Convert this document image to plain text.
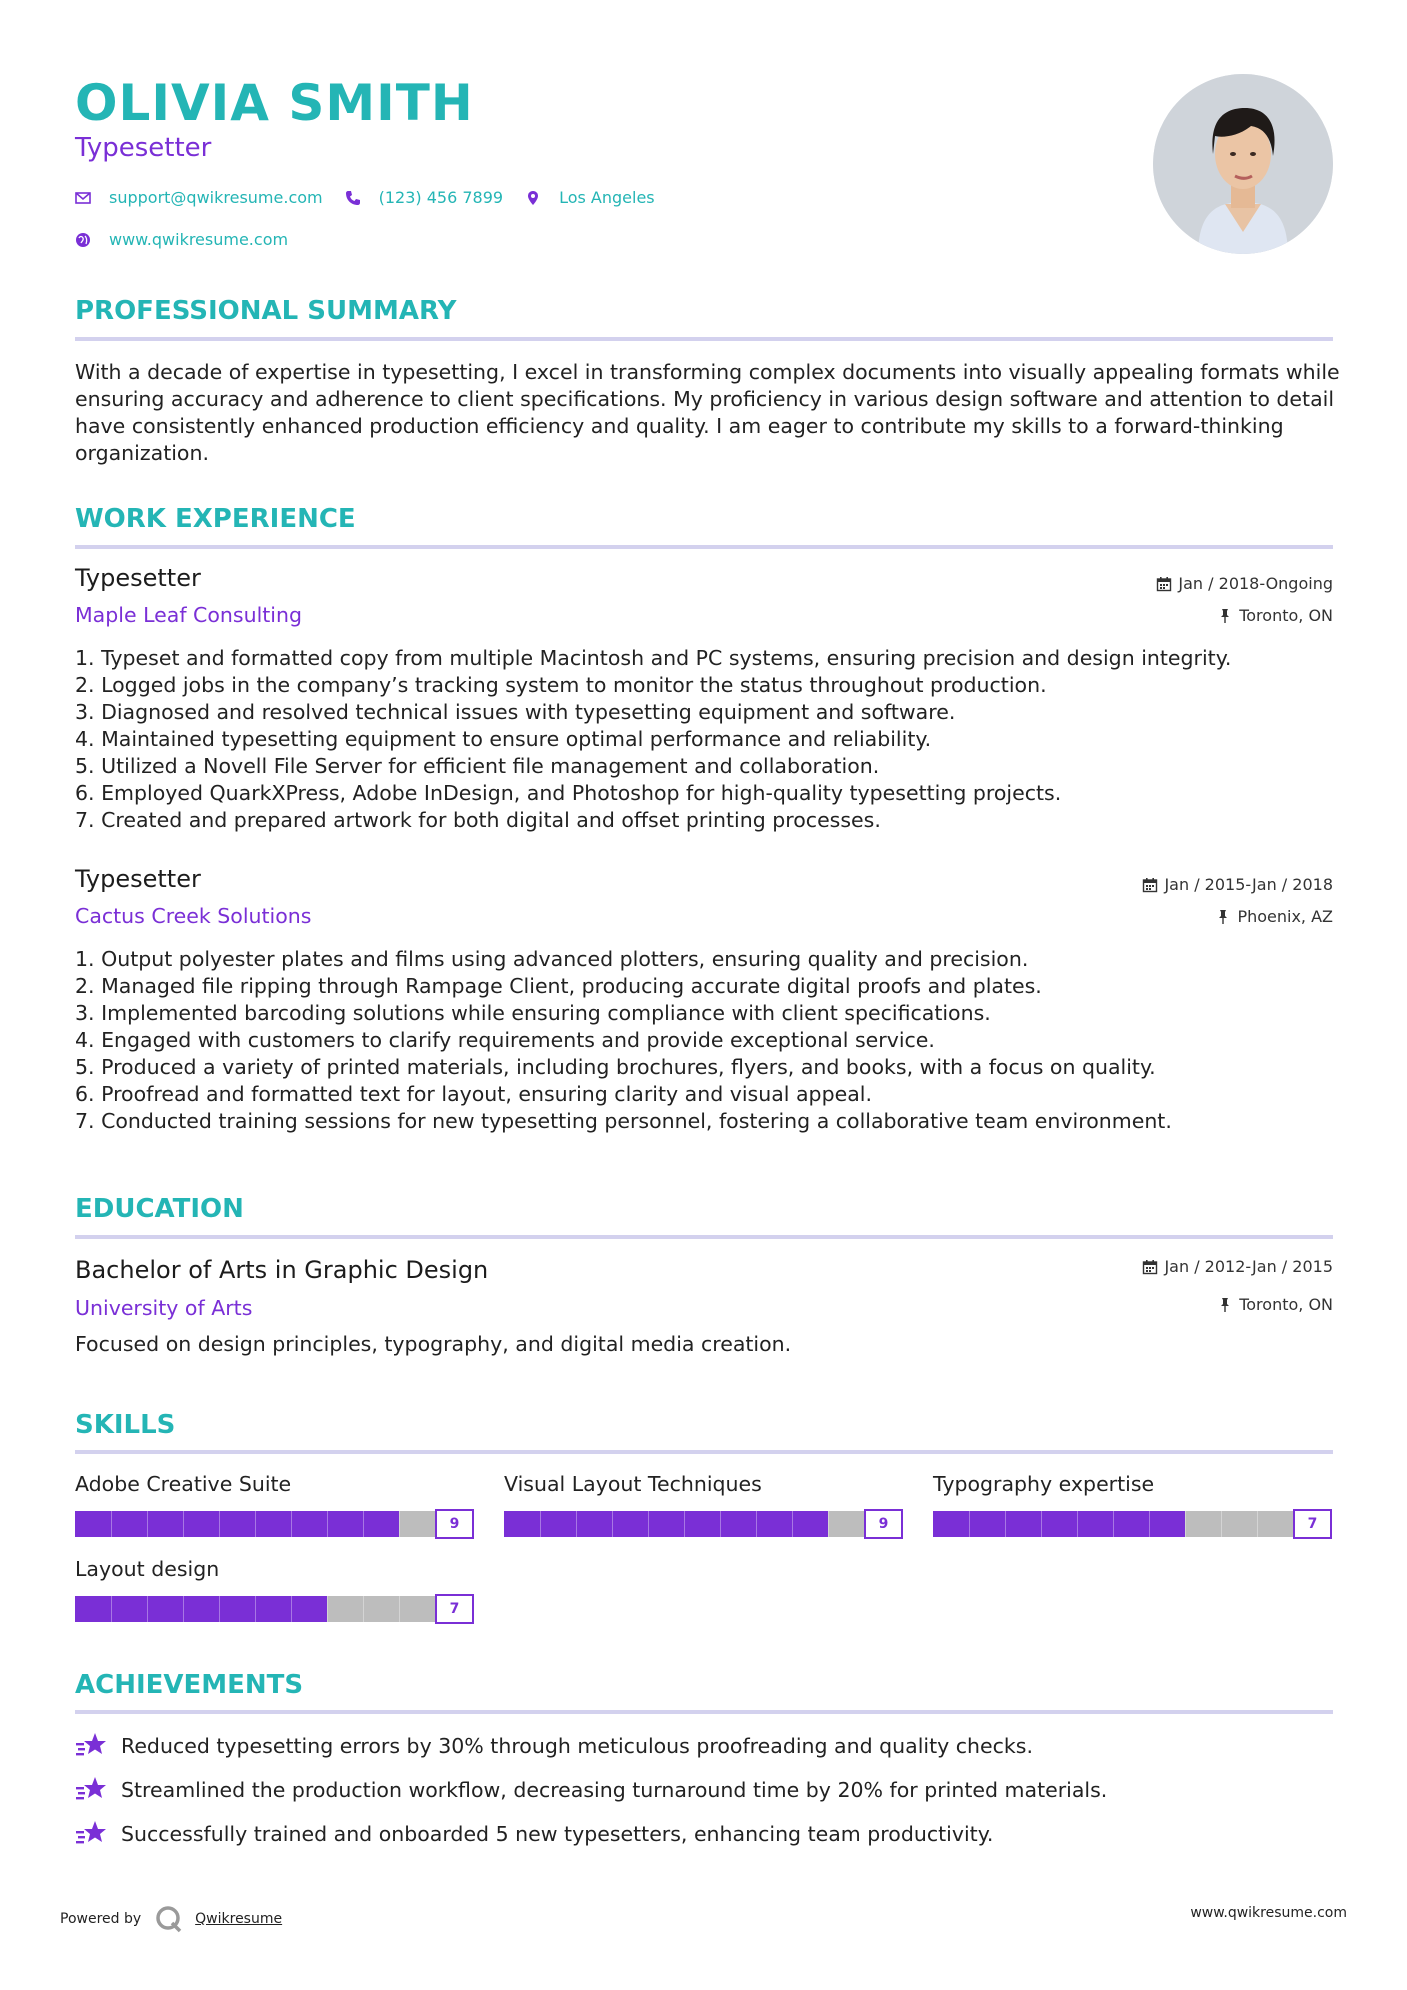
OLIVIA SMITH
Typesetter
support@qwikresume.com	(123) 456 7899	Los Angeles
www.qwikresume.com
PROFESSIONAL SUMMARY
With a decade of expertise in typesetting, I excel in transforming complex documents into visually appealing formats while ensuring accuracy and adherence to client specifications. My proficiency in various design software and attention to detail have consistently enhanced production efficiency and quality. I am eager to contribute my skills to a forward-thinking organization.
WORK EXPERIENCE
Typesetter
Maple Leaf Consulting
Jan / 2018-Ongoing
Toronto, ON
1. Typeset and formatted copy from multiple Macintosh and PC systems, ensuring precision and design integrity.
2. Logged jobs in the company’s tracking system to monitor the status throughout production.
3. Diagnosed and resolved technical issues with typesetting equipment and software.
4. Maintained typesetting equipment to ensure optimal performance and reliability.
5. Utilized a Novell File Server for efficient file management and collaboration.
6. Employed QuarkXPress, Adobe InDesign, and Photoshop for high-quality typesetting projects.
7. Created and prepared artwork for both digital and offset printing processes.
Typesetter
Cactus Creek Solutions
Jan / 2015-Jan / 2018
Phoenix, AZ
1. Output polyester plates and films using advanced plotters, ensuring quality and precision.
2. Managed file ripping through Rampage Client, producing accurate digital proofs and plates.
3. Implemented barcoding solutions while ensuring compliance with client specifications.
4. Engaged with customers to clarify requirements and provide exceptional service.
5. Produced a variety of printed materials, including brochures, flyers, and books, with a focus on quality.
6. Proofread and formatted text for layout, ensuring clarity and visual appeal.
7. Conducted training sessions for new typesetting personnel, fostering a collaborative team environment.
EDUCATION
Bachelor of Arts in Graphic Design
University of Arts
Jan / 2012-Jan / 2015
Toronto, ON
Focused on design principles, typography, and digital media creation.
SKILLS
Adobe Creative Suite
9
Visual Layout Techniques
9
Typography expertise
7
Layout design
7
ACHIEVEMENTS
Reduced typesetting errors by 30% through meticulous proofreading and quality checks.
Streamlined the production workflow, decreasing turnaround time by 20% for printed materials.
Successfully trained and onboarded 5 new typesetters, enhancing team productivity.
Powered by	Qwikresume	www.qwikresume.com
